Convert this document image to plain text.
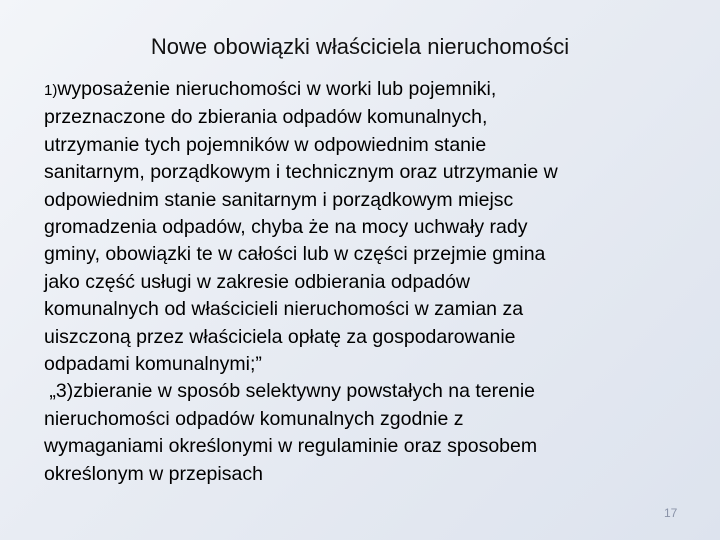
Nowe obowiązki właściciela nieruchomości

1)wyposażenie nieruchomości w worki lub pojemniki,

przeznaczone do zbierania odpadów komunalnych,

utrzymanie tych pojemników w odpowiednim stanie

sanitarnym, porządkowym i technicznym oraz utrzymanie w

odpowiednim stanie sanitarnym i porządkowym miejsc

gromadzenia odpadów, chyba że na mocy uchwały rady

gminy, obowiązki te w całości lub w części przejmie gmina

jako część usługi w zakresie odbierania odpadów

komunalnych od właścicieli nieruchomości w zamian za

uiszczoną przez właściciela opłatę za gospodarowanie

odpadami komunalnymi;”

„3)zbieranie w sposób selektywny powstałych na terenie

nieruchomości odpadów komunalnych zgodnie z

wymaganiami określonymi w regulaminie oraz sposobem

określonym w przepisach

17
